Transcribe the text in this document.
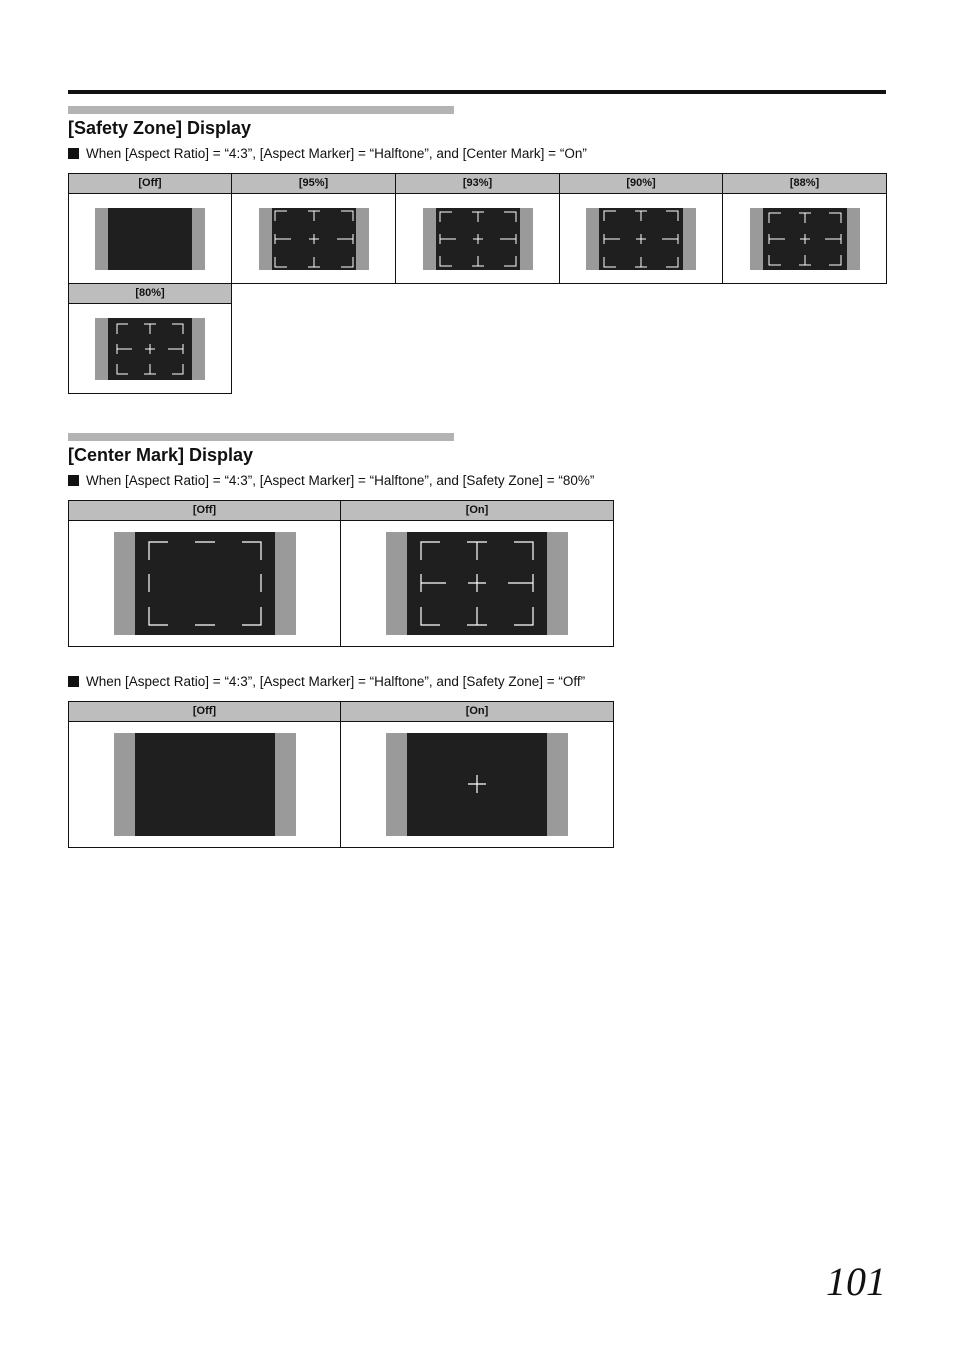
[Safety Zone] Display
When [Aspect Ratio] = “4:3”, [Aspect Marker] = “Halftone”, and [Center Mark] = “On”
[Off]	[95%]	[93%]	[90%]	[88%]

[80%]				

[Center Mark] Display
When [Aspect Ratio] = “4:3”, [Aspect Marker] = “Halftone”, and [Safety Zone] = “80%”
[Off]	[On]

When [Aspect Ratio] = “4:3”, [Aspect Marker] = “Halftone”, and [Safety Zone] = “Off”
[Off]	[On]

101
